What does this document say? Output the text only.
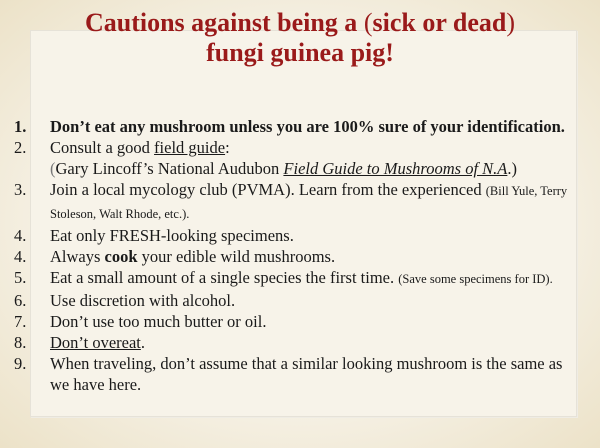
Cautions against being a (sick or dead)
fungi guinea pig!
1.	Don’t eat any mushroom unless you are 100% sure of your identification.
2.	Consult a good field guide:
(Gary Lincoff’s National Audubon Field Guide to Mushrooms of N.A.)
3.	Join a local mycology club (PVMA). Learn from the experienced (Bill Yule, Terry Stoleson, Walt Rhode, etc.).
4.	Eat only FRESH-looking specimens.
4.	Always cook your edible wild mushrooms.
5.	Eat a small amount of a single species the first time. (Save some specimens for ID).
6.	Use discretion with alcohol.
7.	Don’t use too much butter or oil.
8.	Don’t overeat.
9.	When traveling, don’t assume that a similar looking mushroom is the same as we have here.
